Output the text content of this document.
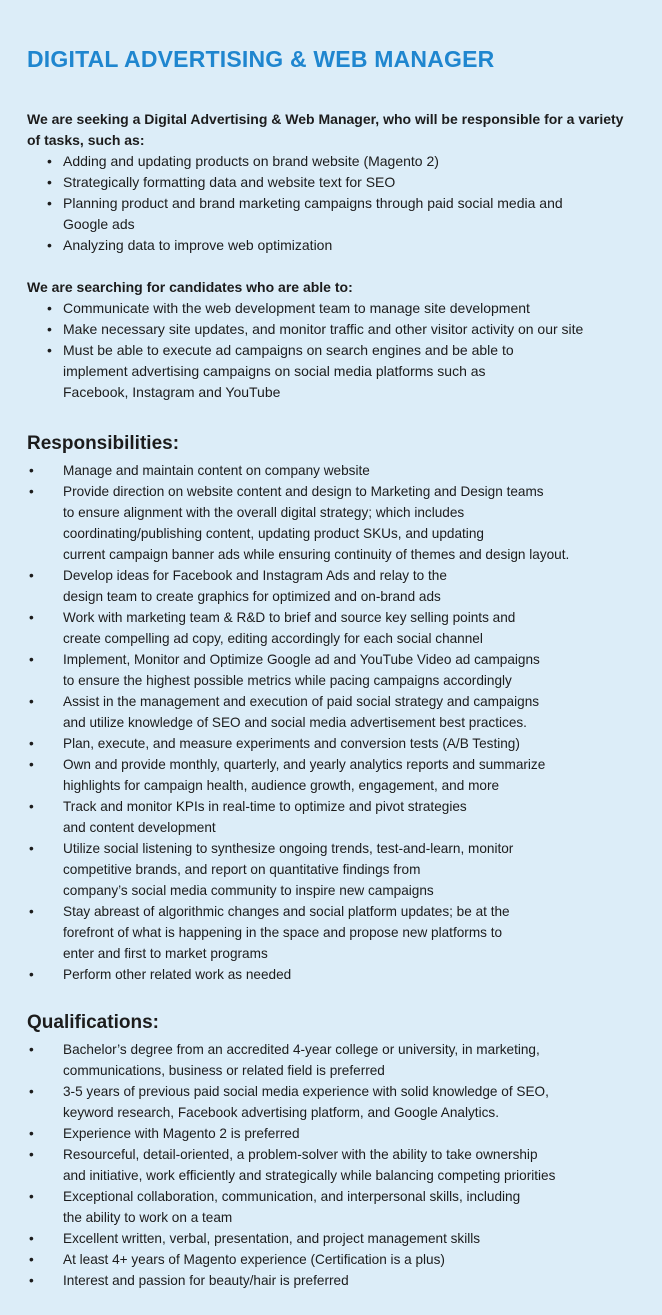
DIGITAL ADVERTISING & WEB MANAGER
We are seeking a Digital Advertising & Web Manager, who will be responsible for a variety of tasks, such as:
• Adding and updating products on brand website (Magento 2)
• Strategically formatting data and website text for SEO
• Planning product and brand marketing campaigns through paid social media and Google ads
• Analyzing data to improve web optimization
We are searching for candidates who are able to:
• Communicate with the web development team to manage site development
• Make necessary site updates, and monitor traffic and other visitor activity on our site
• Must be able to execute ad campaigns on search engines and be able to implement advertising campaigns on social media platforms such as Facebook, Instagram and YouTube
Responsibilities:
• Manage and maintain content on company website
• Provide direction on website content and design to Marketing and Design teams
to ensure alignment with the overall digital strategy; which includes
coordinating/publishing content, updating product SKUs, and updating
current campaign banner ads while ensuring continuity of themes and design layout.
• Develop ideas for Facebook and Instagram Ads and relay to the
design team to create graphics for optimized and on-brand ads
• Work with marketing team & R&D to brief and source key selling points and
create compelling ad copy, editing accordingly for each social channel
• Implement, Monitor and Optimize Google ad and YouTube Video ad campaigns
to ensure the highest possible metrics while pacing campaigns accordingly
• Assist in the management and execution of paid social strategy and campaigns
and utilize knowledge of SEO and social media advertisement best practices.
• Plan, execute, and measure experiments and conversion tests (A/B Testing)
• Own and provide monthly, quarterly, and yearly analytics reports and summarize
highlights for campaign health, audience growth, engagement, and more
• Track and monitor KPIs in real-time to optimize and pivot strategies
and content development
• Utilize social listening to synthesize ongoing trends, test-and-learn, monitor
competitive brands, and report on quantitative findings from
company’s social media community to inspire new campaigns
• Stay abreast of algorithmic changes and social platform updates; be at the
forefront of what is happening in the space and propose new platforms to
enter and first to market programs
• Perform other related work as needed
Qualifications:
• Bachelor’s degree from an accredited 4-year college or university, in marketing,
communications, business or related field is preferred
• 3-5 years of previous paid social media experience with solid knowledge of SEO,
keyword research, Facebook advertising platform, and Google Analytics.
• Experience with Magento 2 is preferred
• Resourceful, detail-oriented, a problem-solver with the ability to take ownership
and initiative, work efficiently and strategically while balancing competing priorities
• Exceptional collaboration, communication, and interpersonal skills, including
the ability to work on a team
• Excellent written, verbal, presentation, and project management skills
• At least 4+ years of Magento experience (Certification is a plus)
• Interest and passion for beauty/hair is preferred
